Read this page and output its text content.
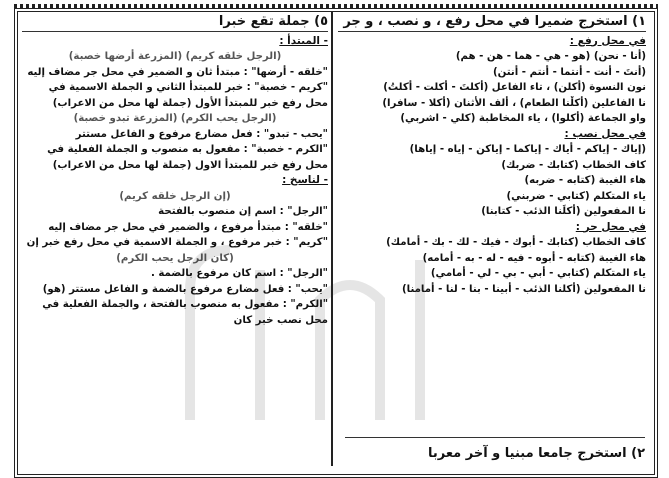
١) استخرج ضميرا في محل رفع ، و نصب ، و جر
في محل رفع :
(أنا - نحن) (هو - هي - هما - هن - هم)
(أنتَ - أنت - أنتما - أنتم - أنتن)
نون النسوة (أكلن) ، تاء الفاعل (أكلتَ - أكلت - أكلتُ)
نا الفاعلين (أكلْنا الطعام) ، ألف الأثنان (أكلا - سافرا)
واو الجماعة (أكلوا) ، ياء المخاطبة (كلي - اشربي)
في محل نصب :
(إياك - إياكم - أياك - إياكما - إياكن - إياه - إياها)
كاف الخطاب (كتابك - ضربك)
هاء الغيبة (كتابه - ضربه)
ياء المتكلم (كتابي - ضربني)
نا المفعولين (أكلَنا الذئب - كتابنا)
في محل جر :
كاف الخطاب (كتابك - أبوك - فيك - لك - بك - أمامك)
هاء الغيبة (كتابه - أبوه - فيه - له - به - أمامه)
ياء المتكلم (كتابي - أبي - بي - لي - أمامي)
نا المفعولين (أكلنا الذئب - أبينا - بنا - لنا - أمامنا)
٢) استخرج جامعا مبنيا و آخر معربا
٥) جملة تقع خبرا
- المبتدأ :
(الرجل خلقه كريم) (المزرعة أرضها خصبة)
"خلقه - أرضها" : مبتدأ ثان و الضمير في محل جر مضاف إليه
"كريم - خصبة" : خبر للمبتدأ الثاني و الجملة الاسمية في
محل رفع خبر للمبتدأ الأول (جملة لها محل من الاعراب)
(الرجل يحب الكرم) (المزرعة تبدو خصبة)
"يحب - تبدو" : فعل مضارع مرفوع و الفاعل مستتر
"الكرم - خصبة" : مفعول به منصوب و الجملة الفعلية في
محل رفع خبر للمبتدأ الاول (جملة لها محل من الاعراب)
- لناسخ :
(إن الرجل خلقه كريم)
"الرجل" : اسم إن منصوب بالفتحة
"خلقه" : مبتدأ مرفوع ، والضمير في محل جر مضاف إليه
"كريم" : خبر مرفوع ، و الجملة الاسمية في محل رفع خبر إن
(كان الرجل يحب الكرم)
"الرجل" : اسم كان مرفوع بالضمة .
"يحب" : فعل مضارع مرفوع بالضمة و الفاعل مستتر (هو)
"الكرم" : مفعول به منصوب بالفتحة ، والجملة الفعلية في
محل نصب خبر كان
